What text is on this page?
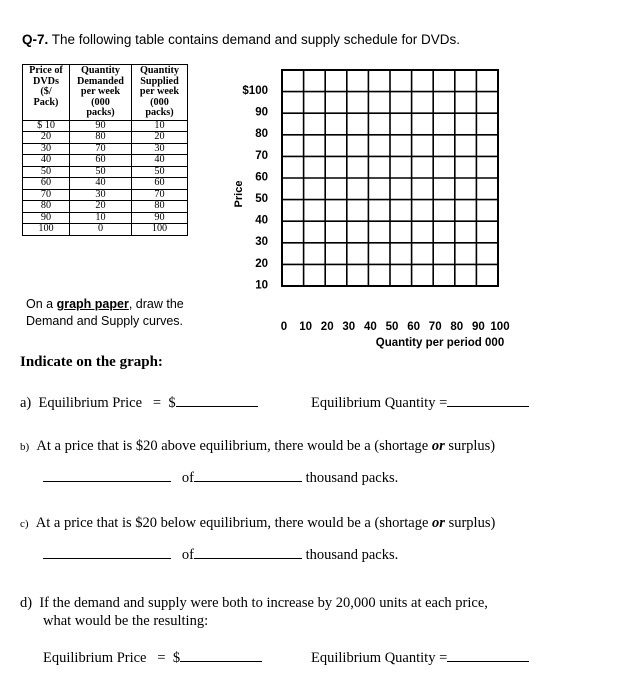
Q-7. The following table contains demand and supply schedule for DVDs.
Price of
DVDs
($/
Pack)	Quantity
Demanded
per week
(000
packs)	Quantity
Supplied
per week
(000
packs)
$ 10	90	10
20	80	20
30	70	30
40	60	40
50	50	50
60	40	60
70	30	70
80	20	80
90	10	90
100	0	100
On a graph paper, draw the
Demand and Supply curves.
Price
$100
90
80
70
60
50
40
30
20
10
0 10 20 30 40 50 60 70 80 90 100
Quantity per period 000
Indicate on the graph:
a) Equilibrium Price = $	Equilibrium Quantity =
b) At a price that is $20 above equilibrium, there would be a (shortage or surplus)
of	thousand packs.
c) At a price that is $20 below equilibrium, there would be a (shortage or surplus)
of	thousand packs.
d) If the demand and supply were both to increase by 20,000 units at each price,
what would be the resulting:
Equilibrium Price = $	Equilibrium Quantity =
